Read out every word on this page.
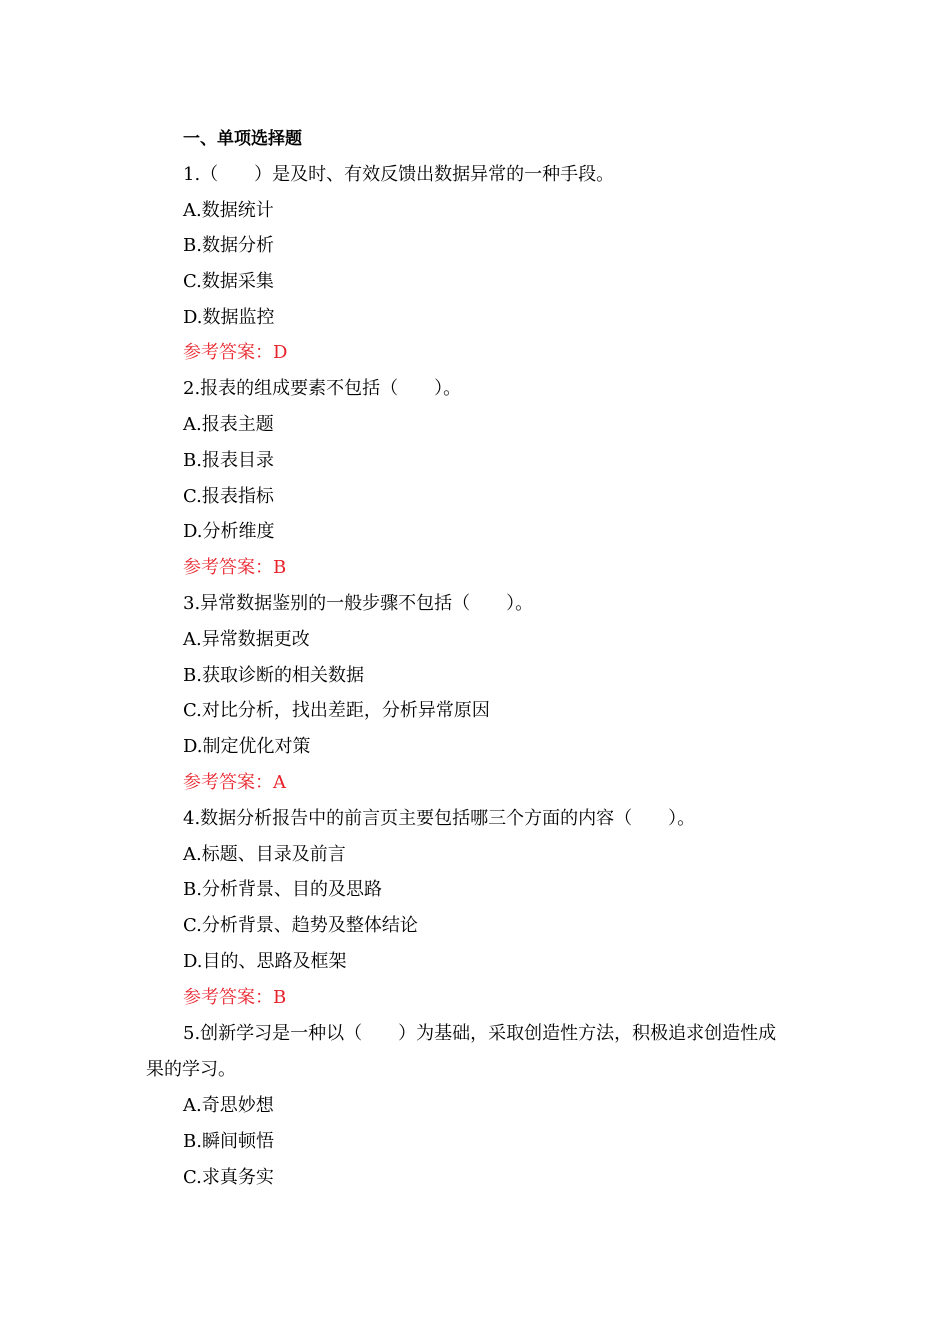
一、单项选择题
1.（　　）是及时、有效反馈出数据异常的一种手段。
A.数据统计
B.数据分析
C.数据采集
D.数据监控
参考答案：D
2.报表的组成要素不包括（　　）。
A.报表主题
B.报表目录
C.报表指标
D.分析维度
参考答案：B
3.异常数据鉴别的一般步骤不包括（　　）。
A.异常数据更改
B.获取诊断的相关数据
C.对比分析，找出差距，分析异常原因
D.制定优化对策
参考答案：A
4.数据分析报告中的前言页主要包括哪三个方面的内容（　　）。
A.标题、目录及前言
B.分析背景、目的及思路
C.分析背景、趋势及整体结论
D.目的、思路及框架
参考答案：B
5.创新学习是一种以（　　）为基础，采取创造性方法，积极追求创造性成
果的学习。
A.奇思妙想
B.瞬间顿悟
C.求真务实
